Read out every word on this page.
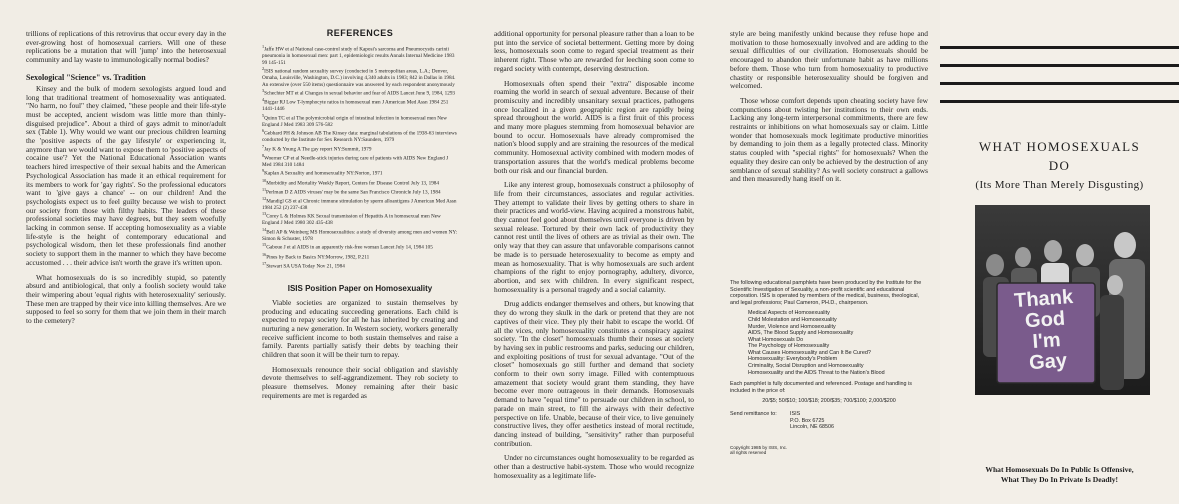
trillions of replications of this retrovirus that occur every day in the ever-growing host of homosexual carriers. Will one of these replications be a mutation that will 'jump' into the heterosexual community and lay waste to immunologically normal bodies?

Sexological "Science" vs. Tradition

Kinsey and the bulk of modern sexologists argued loud and long that traditional treatment of homosexuality was antiquated. "No harm, no foul" they claimed, "these people and their life-style must be accepted, ancient wisdom was little more than thinly-disguised prejudice". About a third of gays admit to minor/adult sex (Table 1). Why would we want our precious children learning the 'positive aspects of the gay lifestyle' or experiencing it, anymore than we would want to expose them to 'positive aspects of cocaine use'? Yet the National Educational Association wants teachers hired irrespective of their sexual habits and the American Psychological Association has made it an ethical requirement for its members to work for 'gay rights'. So the professional educators want to 'give gays a chance' -- on our children! And the psychologists expect us to feel guilty because we wish to protect our society from those with filthy habits. The leaders of these professional societies may have degrees, but they seem woefully lacking in common sense. If accepting homosexuality as a viable life-style is the height of contemporary educational and psychological wisdom, then let these professionals find another society to support them in the manner to which they have become accustomed . . . their advice isn't worth the grave it's written upon.

What homosexuals do is so incredibly stupid, so patently absurd and antibiological, that only a foolish society would take their wimpering about 'equal rights with heterosexuality' seriously. These men are trapped by their vice into killing themselves. Are we supposed to feel so sorry for them that we join them in their march to the cemetery?

REFERENCES

$^1$Jaffe HW et al National case-control study of Kaposi's sarcoma and Pneumocystis carinii pneumonia in homosexual men: part 1, epidemiologic results Annals Internal Medicine 1983 99 145-151

$^2$ISIS national random sexuality survey (conducted in 5 metropolitan areas, L.A.; Denver, Omaha, Louisville, Washington, D.C.) involving 4,340 adults in 1983; 842 in Dallas in 1984. An extensive (over 550 items) questionnaire was answered by each respondent anonymously

$^3$Schechter MT et al Changes in sexual behavior and fear of AIDS Lancet June 9, 1984, 1293

$^4$Biggar RJ Low T-lymphocyte ratios in homosexual men J American Med Assn 1984 251 1441-1446

$^5$Quinn TC et al The polymicrobial origin of intestinal infection in homosexual men New England J Med 1983 309 576-582

$^6$Gebhard PH & Johnson AB The Kinsey data: marginal tabulations of the 1938-63 interviews conducted by the Institute for Sex Research NY:Saunders, 1979

$^7$Jay K & Young A The gay report NY:Summit, 1979

$^8$Woerner CP et al Needle-stick injuries during care of patients with AIDS New England J Med 1984 310 1484

$^9$Kaplan A Sexuality and homosexuality NY:Norton, 1971

$^{10}$Morbidity and Mortality Weekly Report, Centers for Disease Control July 13, 1984

$^{11}$Perlman D Z AIDS viruses' may be the same San Francisco Chronicle July 13, 1984

$^{12}$Mandigl GS et al Chronic immune stimulation by sperm alloantigens J American Med Assn 1984 252 (2) 237-438

$^{13}$Corey L & Holmes KK Sexual transmission of Hepatitis A in homosexual men New England J Med 1980 302 435-438

$^{14}$Bell AP & Weinberg MS Homosexualities: a study of diversity among men and women NY: Simon & Schuster, 1978

$^{15}$Gaboue J et al AIDS in an apparently risk-free woman Lancet July 14, 1984 105

$^{16}$Pines by Back to Basics NY:Morrow, 1982, P.211

$^{17}$Stewart SA USA Today Nov 21, 1984

ISIS Position Paper on Homosexuality

Viable societies are organized to sustain themselves by producing and educating succeeding generations. Each child is expected to repay society for all he has inherited by creating and nurturing a new generation. In Western society, workers generally receive sufficient income to both sustain themselves and raise a family. Parents partially satisfy their debts by teaching their children that soon it will be their turn to repay.

Homosexuals renounce their social obligation and slavishly devote themselves to self-aggrandizement. They rob society to pleasure themselves. Money remaining after their basic requirements are met is regarded as

additional opportunity for personal pleasure rather than a loan to be put into the service of societal betterment. Getting more by doing less, homosexuals soon come to regard special treatment as their inherent right. Those who are rewarded for leeching soon come to regard society with contempt, deserving destruction.

Homosexuals often spend their "extra" disposable income roaming the world in search of sexual adventure. Because of their promiscuity and incredibly unsanitary sexual practices, pathogens once localized in a given geographic region are rapidly being spread throughout the world. AIDS is a first fruit of this process and many more plagues stemming from homosexual behavior are bound to occur. Homosexuals have already compromised the nation's blood supply and are straining the resources of the medical community. Homosexual activity combined with modern modes of transportation assures that the world's medical problems become both our risk and our financial burden.

Like any interest group, homosexuals construct a philosophy of life from their circumstances, associates and regular activities. They attempt to validate their lives by getting others to share in their practices and world-view. Having acquired a monstrous habit, they cannot feel good about themselves until everyone is driven by sexual release. Tortured by their own lack of productivity they cannot rest until the lives of others are as trivial as their own. The only way that they can assure that unfavorable comparisons cannot be made is to persuade heterosexuality to become as empty and mean as homosexuality. That is why homosexuals are such ardent champions of the right to enjoy pornography, adultery, divorce, abortion, and sex with children. In every significant respect, homosexuality is a personal tragedy and a social calamity.

Drug addicts endanger themselves and others, but knowing that they do wrong they skulk in the dark or pretend that they are not captives of their vice. They ply their habit to escape the world. Of all the vices, only homosexuality constitutes a conspiracy against society. "In the closet" homosexuals thumb their noses at society by having sex in public restrooms and parks, seducing our children, and exploiting positions of trust for sexual advantage. "Out of the closet" homosexuals go still further and demand that society conform to their own sorry image. Filled with contemptuous amazement that society would grant them standing, they have become ever more outrageous in their demands. Homosexuals demand to have "equal time" to persuade our children in school, to parade on main street, to fill the airways with their defective perspective on life. Unable, because of their vice, to live genuinely constructive lives, they offer aesthetics instead of moral rectitude, dancing instead of building, "sensitivity" rather than purposeful contribution.

Under no circumstances ought homosexuality to be regarded as other than a destructive habit-system. Those who would recognize homosexuality as a legitimate life-

style are being manifestly unkind because they refuse hope and motivation to those homosexually involved and are adding to the sexual difficulties of our civilization. Homosexuals should be encouraged to abandon their unfortunate habit as have millions before them. Those who turn from homosexuality to productive chastity or responsible heterosexuality should be forgiven and welcomed.

Those whose comfort depends upon cheating society have few compunctions about twisting her institutions to their own ends. Lacking any long-term interpersonal commitments, there are few restraints or inhibitions on what homosexuals say or claim. Little wonder that homosexuals mock legitimate productive minorities by demanding to join them as a legally protected class. Minority status coupled with "special rights" for homosexuals? When the equality they desire can only be achieved by the destruction of any semblance of sexual stability? As well society construct a gallows and then measuredly hang itself on it.

The following educational pamphlets have been produced by the Institute for the Scientific Investigation of Sexuality, a non-profit scientific and educational corporation. ISIS is operated by members of the medical, business, theological, and legal professions; Paul Cameron, PH.D., chairperson.

Medical Aspects of Homosexuality
Child Molestation and Homosexuality
Murder, Violence and Homosexuality
AIDS, The Blood Supply and Homosexuality
What Homosexuals Do
The Psychology of Homosexuality
What Causes Homosexuality and Can It Be Cured?
Homosexuality: Everybody's Problem
Criminality, Social Disruption and Homosexuality
Homosexuality and the AIDS Threat to the Nation's Blood

Each pamphlet is fully documented and referenced. Postage and handling is included in the price of:

20/$5; 50/$10; 100/$18; 200/$35; 700/$100; 2,000/$200

Send remittance to: ISIS
P.O. Box 6725
Lincoln, NE 68506
Copyright 1985 by ISIS, Inc.
all rights reserved
WHAT HOMOSEXUALS
DO
(Its More Than Merely Disgusting)
Thank
God
I'm
Gay
What Homosexuals Do In Public Is Offensive,
What They Do In Private Is Deadly!
